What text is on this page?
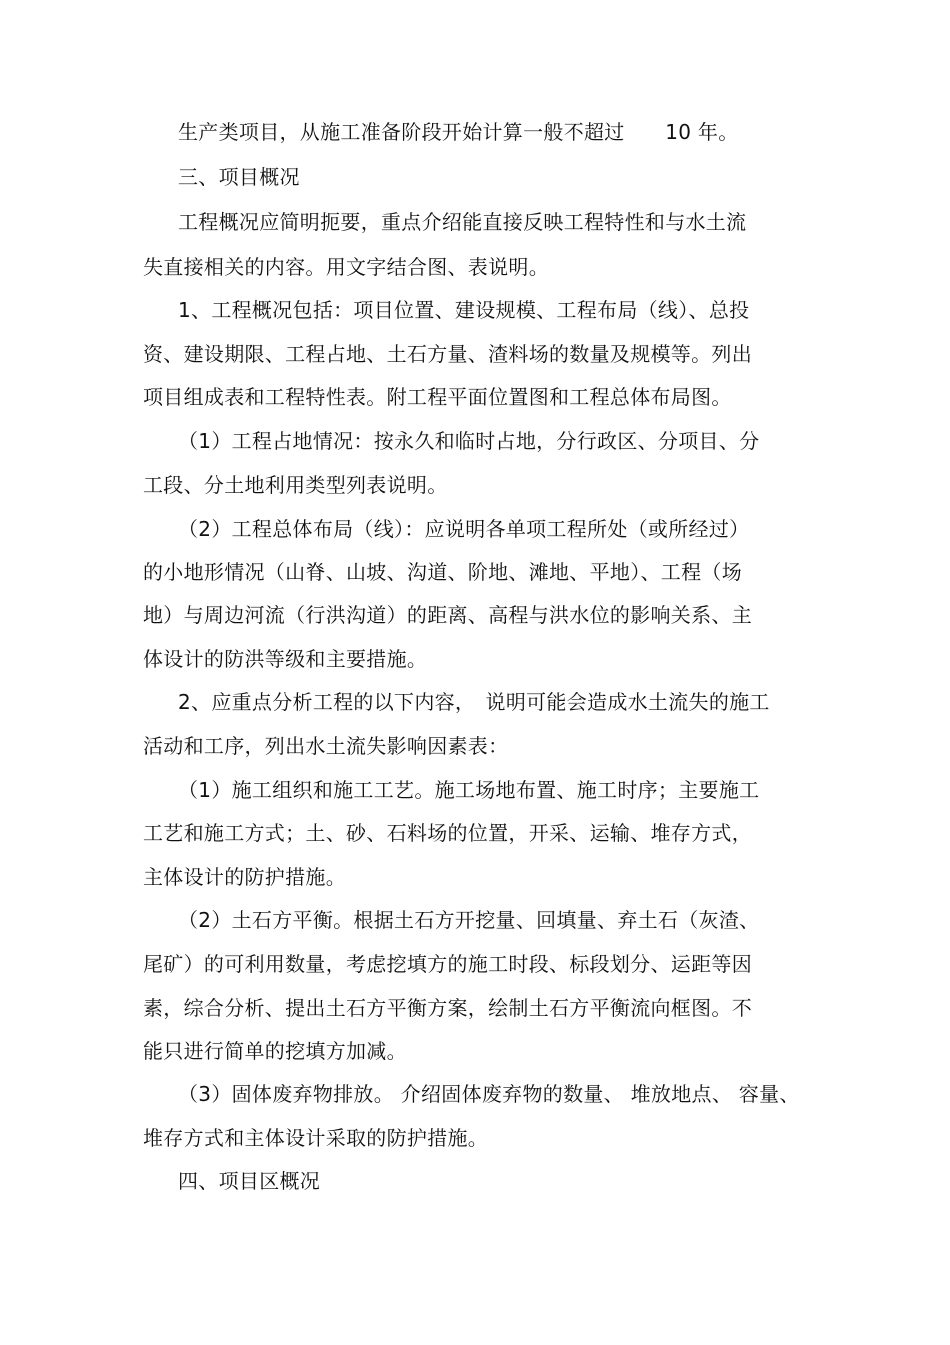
生产类项目，从施工准备阶段开始计算一般不超过　　10 年。
三、项目概况
工程概况应简明扼要，重点介绍能直接反映工程特性和与水土流
失直接相关的内容。用文字结合图、表说明。
1、工程概况包括：项目位置、建设规模、工程布局（线）、总投
资、建设期限、工程占地、土石方量、渣料场的数量及规模等。列出
项目组成表和工程特性表。附工程平面位置图和工程总体布局图。
（1）工程占地情况：按永久和临时占地，分行政区、分项目、分
工段、分土地利用类型列表说明。
（2）工程总体布局（线）：应说明各单项工程所处（或所经过）
的小地形情况（山脊、山坡、沟道、阶地、滩地、平地）、工程（场
地）与周边河流（行洪沟道）的距离、高程与洪水位的影响关系、主
体设计的防洪等级和主要措施。
2、应重点分析工程的以下内容，　说明可能会造成水土流失的施工
活动和工序，列出水土流失影响因素表：
（1）施工组织和施工工艺。施工场地布置、施工时序；主要施工
工艺和施工方式；土、砂、石料场的位置，开采、运输、堆存方式，
主体设计的防护措施。
（2）土石方平衡。根据土石方开挖量、回填量、弃土石（灰渣、
尾矿）的可利用数量，考虑挖填方的施工时段、标段划分、运距等因
素，综合分析、提出土石方平衡方案，绘制土石方平衡流向框图。不
能只进行简单的挖填方加减。
（3）固体废弃物排放。 介绍固体废弃物的数量、 堆放地点、 容量、
堆存方式和主体设计采取的防护措施。
四、项目区概况
